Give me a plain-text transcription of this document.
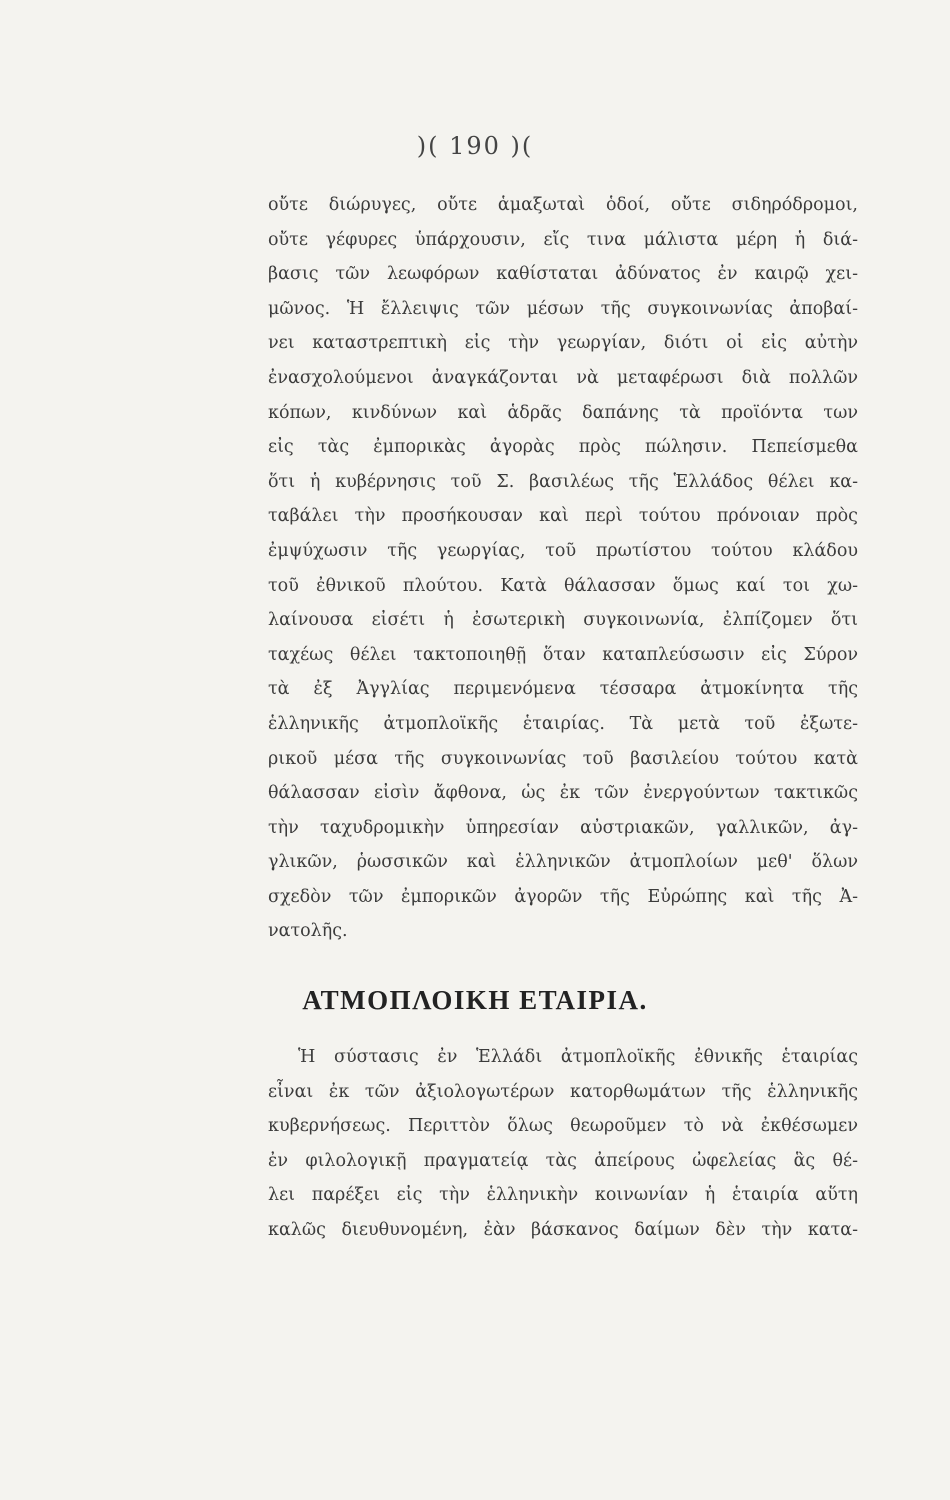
)( 190 )(
οὔτε διώρυγες, οὔτε ἁμαξωταὶ ὁδοί, οὔτε σιδηρόδρομοι,
οὔτε γέφυρες ὑπάρχουσιν, εἴς τινα μάλιστα μέρη ἡ διά-
βασις τῶν λεωφόρων καθίσταται ἀδύνατος ἐν καιρῷ χει-
μῶνος. Ἡ ἔλλειψις τῶν μέσων τῆς συγκοινωνίας ἀποβαί-
νει καταστρεπτικὴ εἰς τὴν γεωργίαν, διότι οἱ εἰς αὐτὴν
ἐνασχολούμενοι ἀναγκάζονται νὰ μεταφέρωσι διὰ πολλῶν
κόπων, κινδύνων καὶ ἁδρᾶς δαπάνης τὰ προϊόντα των
εἰς τὰς ἐμπορικὰς ἀγορὰς πρὸς πώλησιν. Πεπείσμεθα
ὅτι ἡ κυβέρνησις τοῦ Σ. βασιλέως τῆς Ἑλλάδος θέλει κα-
ταβάλει τὴν προσήκουσαν καὶ περὶ τούτου πρόνοιαν πρὸς
ἐμψύχωσιν τῆς γεωργίας, τοῦ πρωτίστου τούτου κλάδου
τοῦ ἐθνικοῦ πλούτου. Κατὰ θάλασσαν ὅμως καί τοι χω-
λαίνουσα εἰσέτι ἡ ἐσωτερικὴ συγκοινωνία, ἐλπίζομεν ὅτι
ταχέως θέλει τακτοποιηθῇ ὅταν καταπλεύσωσιν εἰς Σύρον
τὰ ἐξ Ἀγγλίας περιμενόμενα τέσσαρα ἀτμοκίνητα τῆς
ἑλληνικῆς ἀτμοπλοϊκῆς ἑταιρίας. Τὰ μετὰ τοῦ ἐξωτε-
ρικοῦ μέσα τῆς συγκοινωνίας τοῦ βασιλείου τούτου κατὰ
θάλασσαν εἰσὶν ἄφθονα, ὡς ἐκ τῶν ἐνεργούντων τακτικῶς
τὴν ταχυδρομικὴν ὑπηρεσίαν αὐστριακῶν, γαλλικῶν, ἀγ-
γλικῶν, ῥωσσικῶν καὶ ἑλληνικῶν ἀτμοπλοίων μεθ' ὅλων
σχεδὸν τῶν ἐμπορικῶν ἀγορῶν τῆς Εὐρώπης καὶ τῆς Ἀ-
νατολῆς.
ΑΤΜΟΠΛΟΙΚΗ ΕΤΑΙΡΙΑ.
Ἡ σύστασις ἐν Ἑλλάδι ἀτμοπλοϊκῆς ἐθνικῆς ἑταιρίας
εἶναι ἐκ τῶν ἀξιολογωτέρων κατορθωμάτων τῆς ἑλληνικῆς
κυβερνήσεως. Περιττὸν ὅλως θεωροῦμεν τὸ νὰ ἐκθέσωμεν
ἐν φιλολογικῇ πραγματείᾳ τὰς ἀπείρους ὠφελείας ἃς θέ-
λει παρέξει εἰς τὴν ἑλληνικὴν κοινωνίαν ἡ ἑταιρία αὕτη
καλῶς διευθυνομένη, ἐὰν βάσκανος δαίμων δὲν τὴν κατα-
